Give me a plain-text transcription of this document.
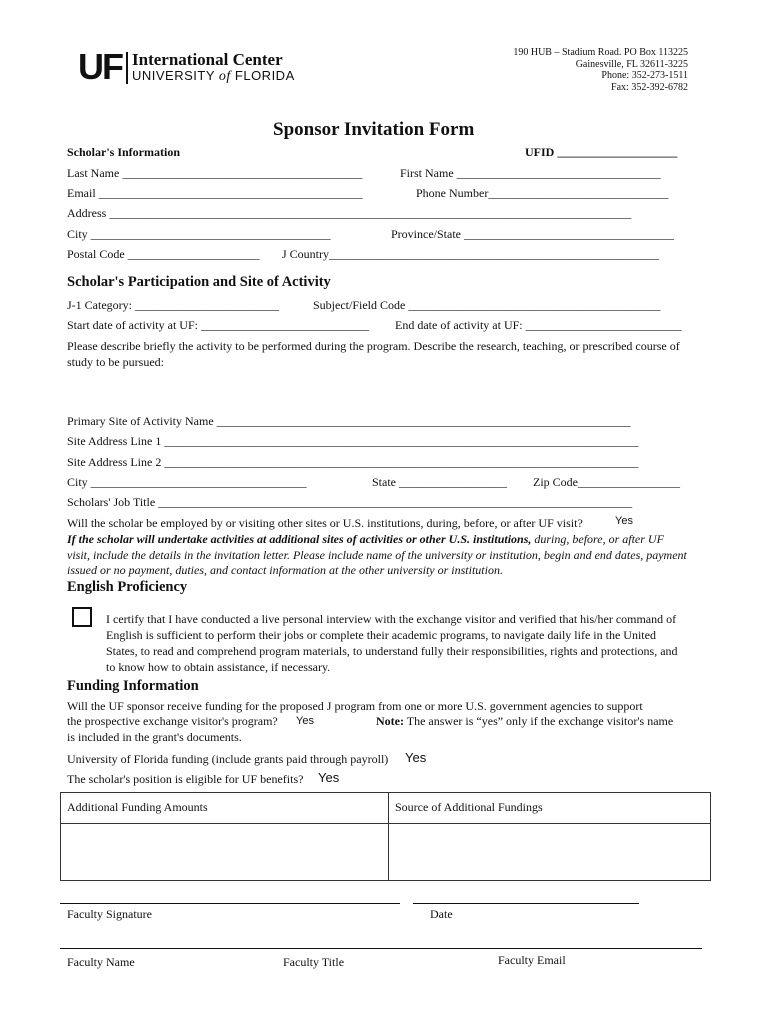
UF International Center
UNIVERSITY of FLORIDA
190 HUB – Stadium Road. PO Box 113225
Gainesville, FL 32611-3225
Phone: 352-273-1511
Fax: 352-392-6782
Sponsor Invitation Form
Scholar's Information	UFID ____________________
Last Name ________________________________________	First Name __________________________________
Email ____________________________________________	Phone Number______________________________
Address _______________________________________________________________________________________
City ________________________________________	Province/State ___________________________________
Postal Code ______________________ J Country_______________________________________________________
Scholar's Participation and Site of Activity
J-1 Category: ________________________	Subject/Field Code __________________________________________
Start date of activity at UF: ____________________________ End date of activity at UF: __________________________
Please describe briefly the activity to be performed during the program. Describe the research, teaching, or prescribed course of study to be pursued:
Primary Site of Activity Name _____________________________________________________________________
Site Address Line 1 _______________________________________________________________________________
Site Address Line 2 _______________________________________________________________________________
City ____________________________________	State __________________ Zip Code_________________
Scholars' Job Title _______________________________________________________________________________
Will the scholar be employed by or visiting other sites or U.S. institutions, during, before, or after UF visit?	Yes
If the scholar will undertake activities at additional sites of activities or other U.S. institutions, during, before, or after UF visit, include the details in the invitation letter. Please include name of the university or institution, begin and end dates, payment issued or no payment, duties, and contact information at the other university or institution.
English Proficiency
I certify that I have conducted a live personal interview with the exchange visitor and verified that his/her command of English is sufficient to perform their jobs or complete their academic programs, to navigate daily life in the United States, to read and comprehend program materials, to understand fully their responsibilities, rights and protections, and to know how to obtain assistance, if necessary.
Funding Information
Will the UF sponsor receive funding for the proposed J program from one or more U.S. government agencies to support
the prospective exchange visitor's program? Yes	Note: The answer is “yes” only if the exchange visitor's name
is included in the grant's documents.
University of Florida funding (include grants paid through payroll) Yes
The scholar's position is eligible for UF benefits? Yes
Additional Funding Amounts	Source of Additional Fundings

Faculty Signature	Date
Faculty Name	Faculty Title	Faculty Email
